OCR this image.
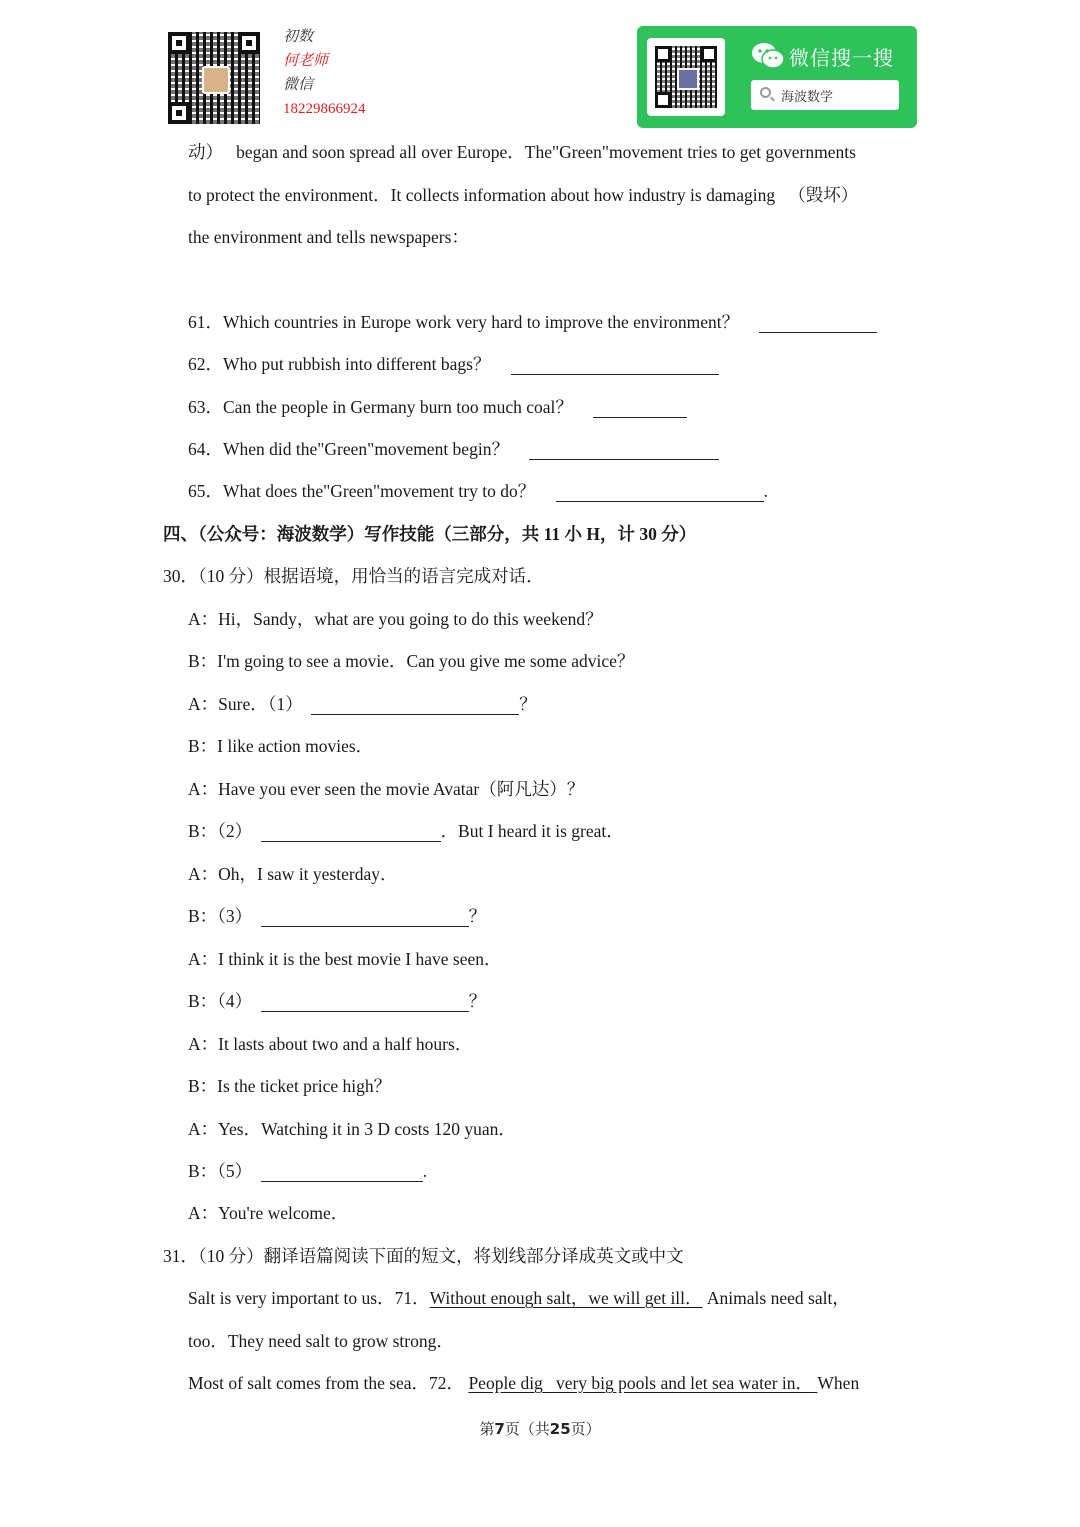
初数
何老师
微信
18229866924
微信搜一搜
海波数学
动） began and soon spread all over Europe．The"Green"movement tries to get governments
to protect the environment．It collects information about how industry is damaging （毁坏）
the environment and tells newspapers：
61．Which countries in Europe work very hard to improve the environment？
62．Who put rubbish into different bags？
63．Can the people in Germany burn too much coal？
64．When did the"Green"movement begin？
65．What does the"Green"movement try to do？	.
四、（公众号：海波数学）写作技能（三部分，共 11 小 H，计 30 分）
30．（10 分）根据语境，用恰当的语言完成对话．
A：Hi，Sandy，what are you going to do this weekend？
B：I'm going to see a movie．Can you give me some advice？
A：Sure．（1）	？
B：I like action movies．
A：Have you ever seen the movie Avatar（阿凡达）？
B：（2）	．But I heard it is great．
A：Oh，I saw it yesterday．
B：（3）	？
A：I think it is the best movie I have seen．
B：（4）	？
A：It lasts about two and a half hours．
B：Is the ticket price high？
A：Yes．Watching it in 3 D costs 120 yuan．
B：（5）	.
A：You're welcome．
31．（10 分）翻译语篇阅读下面的短文，将划线部分译成英文或中文
Salt is very important to us．71．Without enough salt，we will get ill． Animals need salt，
too．They need salt to grow strong．
Most of salt comes from the sea．72． People dig very big pools and let sea water in． When
第7页（共25页）
